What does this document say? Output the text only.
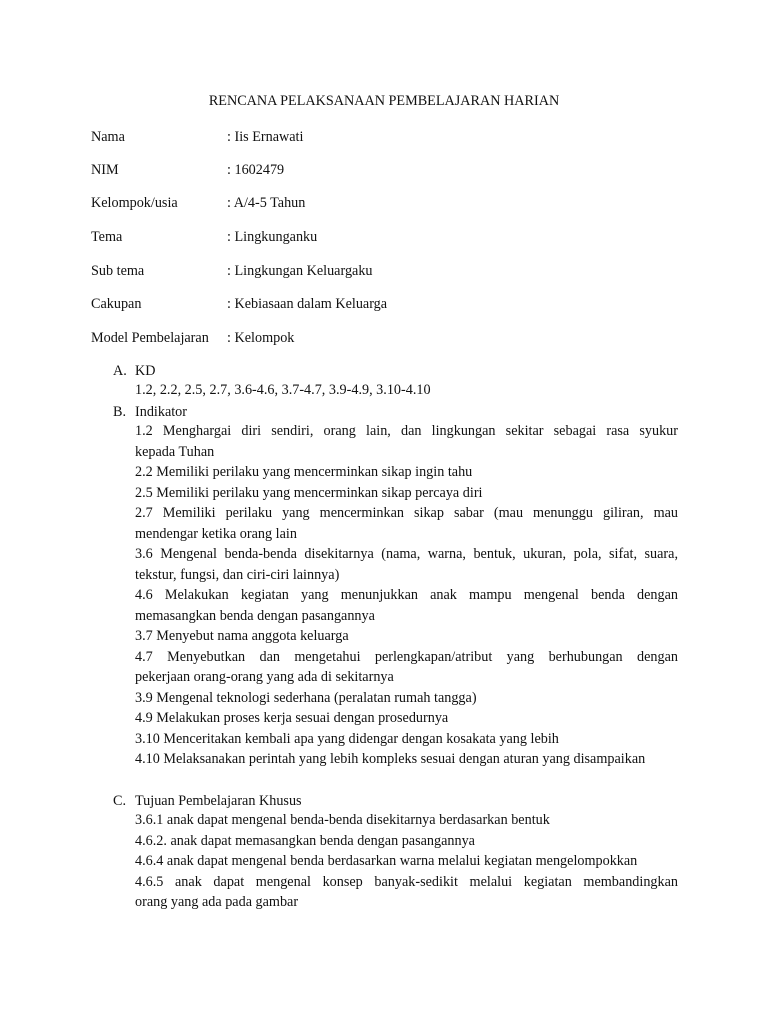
RENCANA PELAKSANAAN PEMBELAJARAN HARIAN
Nama	: Iis Ernawati
NIM	: 1602479
Kelompok/usia	: A/4-5 Tahun
Tema	: Lingkunganku
Sub tema	: Lingkungan Keluargaku
Cakupan	: Kebiasaan dalam Keluarga
Model Pembelajaran : Kelompok
A. KD
1.2, 2.2, 2.5, 2.7, 3.6-4.6, 3.7-4.7, 3.9-4.9, 3.10-4.10
B. Indikator
1.2 Menghargai diri sendiri, orang lain, dan lingkungan sekitar sebagai rasa syukur
kepada Tuhan
2.2 Memiliki perilaku yang mencerminkan sikap ingin tahu
2.5 Memiliki perilaku yang mencerminkan sikap percaya diri
2.7 Memiliki perilaku yang mencerminkan sikap sabar (mau menunggu giliran, mau
mendengar ketika orang lain
3.6 Mengenal benda-benda disekitarnya (nama, warna, bentuk, ukuran, pola, sifat, suara,
tekstur, fungsi, dan ciri-ciri lainnya)
4.6 Melakukan kegiatan yang menunjukkan anak mampu mengenal benda dengan
memasangkan benda dengan pasangannya
3.7 Menyebut nama anggota keluarga
4.7 Menyebutkan dan mengetahui perlengkapan/atribut yang berhubungan dengan
pekerjaan orang-orang yang ada di sekitarnya
3.9 Mengenal teknologi sederhana (peralatan rumah tangga)
4.9 Melakukan proses kerja sesuai dengan prosedurnya
3.10 Menceritakan kembali apa yang didengar dengan kosakata yang lebih
4.10 Melaksanakan perintah yang lebih kompleks sesuai dengan aturan yang disampaikan
C. Tujuan Pembelajaran Khusus
3.6.1 anak dapat mengenal benda-benda disekitarnya berdasarkan bentuk
4.6.2. anak dapat memasangkan benda dengan pasangannya
4.6.4 anak dapat mengenal benda berdasarkan warna melalui kegiatan mengelompokkan
4.6.5 anak dapat mengenal konsep banyak-sedikit melalui kegiatan membandingkan
orang yang ada pada gambar
